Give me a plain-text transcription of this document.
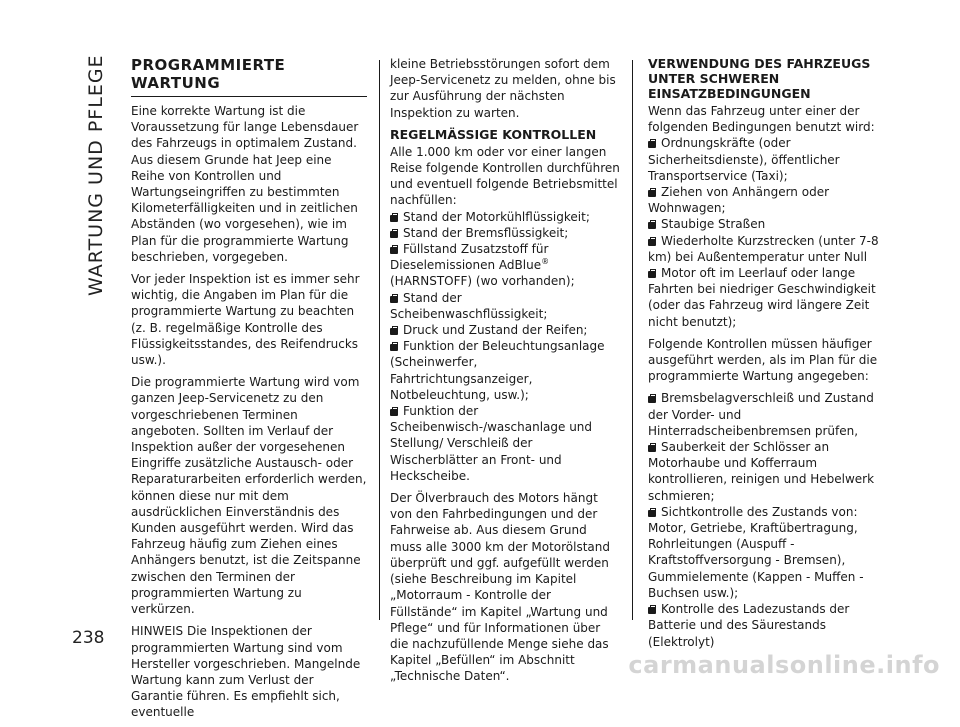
WARTUNG UND PFLEGE PROGRAMMIERTE WARTUNG

Eine korrekte Wartung ist die Voraussetzung für lange Lebensdauer des Fahrzeugs in optimalem Zustand. Aus diesem Grunde hat Jeep eine Reihe von Kontrollen und Wartungseingriffen zu bestimmten Kilometerfälligkeiten und in zeitlichen Abständen (wo vorgesehen), wie im Plan für die programmierte Wartung beschrieben, vorgegeben.

Vor jeder Inspektion ist es immer sehr wichtig, die Angaben im Plan für die programmierte Wartung zu beachten (z. B. regelmäßige Kontrolle des Flüssigkeitsstandes, des Reifendrucks usw.).

Die programmierte Wartung wird vom ganzen Jeep-Servicenetz zu den vorgeschriebenen Terminen angeboten. Sollten im Verlauf der Inspektion außer der vorgesehenen Eingriffe zusätzliche Austausch- oder Reparaturarbeiten erforderlich werden, können diese nur mit dem ausdrücklichen Einverständnis des Kunden ausgeführt werden. Wird das Fahrzeug häufig zum Ziehen eines Anhängers benutzt, ist die Zeitspanne zwischen den Terminen der programmierten Wartung zu verkürzen.

HINWEIS Die Inspektionen der programmierten Wartung sind vom Hersteller vorgeschrieben. Mangelnde Wartung kann zum Verlust der Garantie führen. Es empfiehlt sich, eventuelle

kleine Betriebsstörungen sofort dem Jeep-Servicenetz zu melden, ohne bis zur Ausführung der nächsten Inspektion zu warten.

REGELMÄSSIGE KONTROLLEN

Alle 1.000 km oder vor einer langen Reise folgende Kontrollen durchführen und eventuell folgende Betriebsmittel nachfüllen:

Stand der Motorkühlflüssigkeit;
Stand der Bremsflüssigkeit;
Füllstand Zusatzstoff für Dieselemissionen AdBlue®
(HARNSTOFF) (wo vorhanden);
Stand der Scheibenwaschflüssigkeit;
Druck und Zustand der Reifen;
Funktion der Beleuchtungsanlage (Scheinwerfer, Fahrtrichtungsanzeiger, Notbeleuchtung, usw.);
Funktion der Scheibenwisch-/waschanlage und Stellung/ Verschleiß der Wischerblätter an Front- und Heckscheibe.

Der Ölverbrauch des Motors hängt von den Fahrbedingungen und der Fahrweise ab. Aus diesem Grund muss alle 3000 km der Motorölstand überprüft und ggf. aufgefüllt werden (siehe Beschreibung im Kapitel „Motorraum - Kontrolle der Füllstände“ im Kapitel „Wartung und Pflege“ und für Informationen über die nachzufüllende Menge siehe das Kapitel „Befüllen“ im Abschnitt „Technische Daten“.

VERWENDUNG DES FAHRZEUGS UNTER SCHWEREN EINSATZBEDINGUNGEN

Wenn das Fahrzeug unter einer der folgenden Bedingungen benutzt wird:

Ordnungskräfte (oder Sicherheitsdienste), öffentlicher Transportservice (Taxi);
Ziehen von Anhängern oder Wohnwagen;
Staubige Straßen
Wiederholte Kurzstrecken (unter 7-8 km) bei Außentemperatur unter Null
Motor oft im Leerlauf oder lange Fahrten bei niedriger Geschwindigkeit (oder das Fahrzeug wird längere Zeit nicht benutzt);

Folgende Kontrollen müssen häufiger ausgeführt werden, als im Plan für die programmierte Wartung angegeben:

Bremsbelagverschleiß und Zustand der Vorder- und Hinterradscheibenbremsen prüfen,
Sauberkeit der Schlösser an Motorhaube und Kofferraum kontrollieren, reinigen und Hebelwerk schmieren;
Sichtkontrolle des Zustands von: Motor, Getriebe, Kraftübertragung, Rohrleitungen (Auspuff - Kraftstoffversorgung - Bremsen), Gummielemente (Kappen - Muffen - Buchsen usw.);
Kontrolle des Ladezustands der Batterie und des Säurestands (Elektrolyt)
238
carmanualsonline.info
